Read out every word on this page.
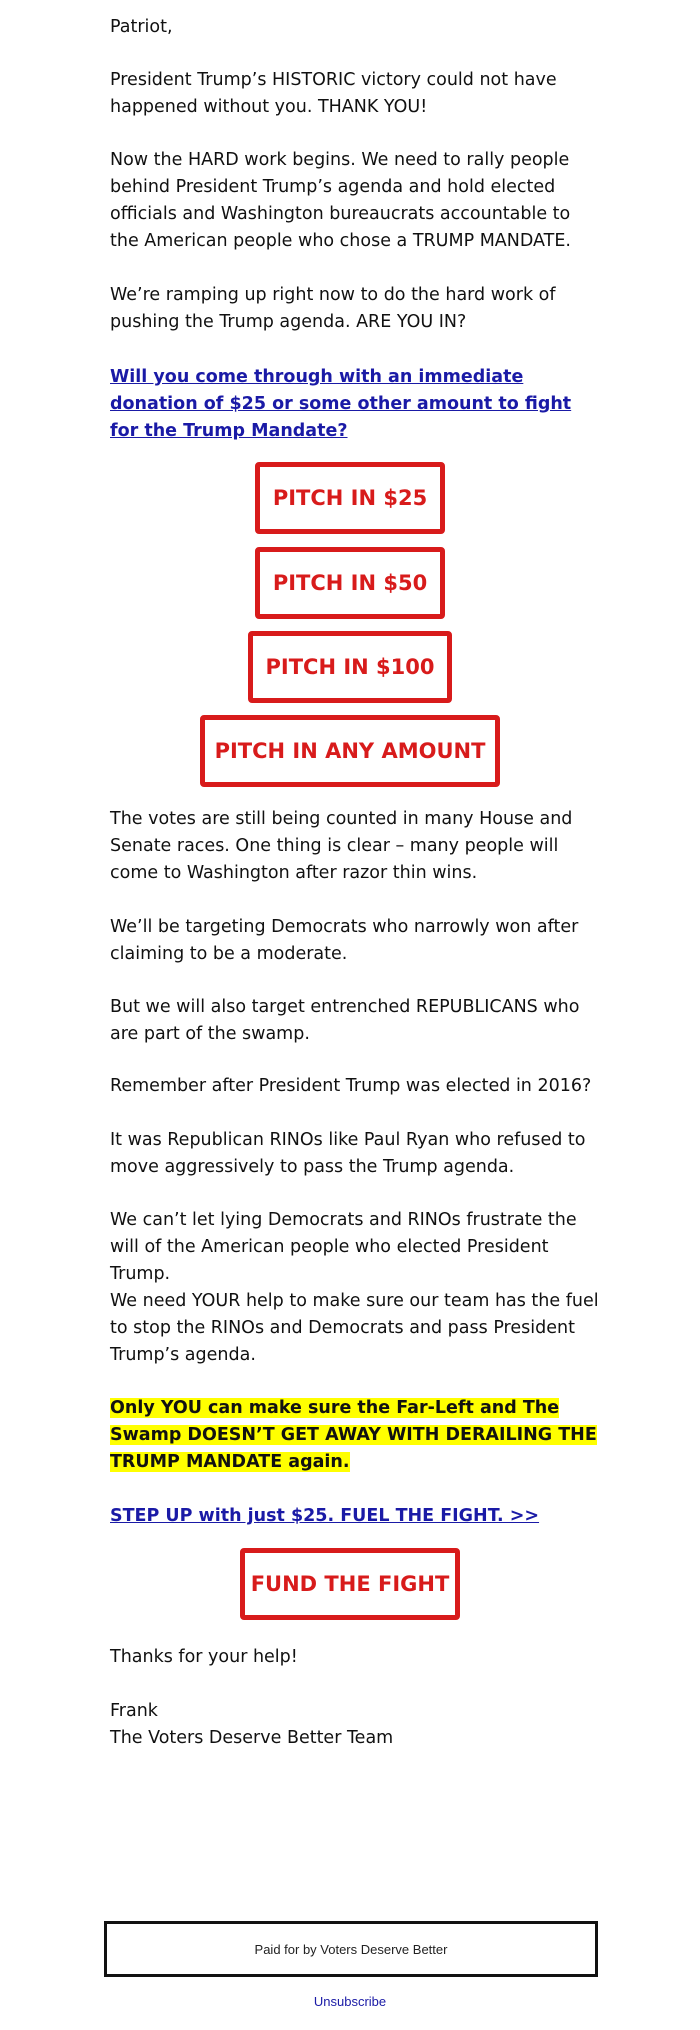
Patriot,

President Trump’s HISTORIC victory could not have happened without you. THANK YOU!

Now the HARD work begins. We need to rally people behind President Trump’s agenda and hold elected officials and Washington bureaucrats accountable to the American people who chose a TRUMP MANDATE.

We’re ramping up right now to do the hard work of pushing the Trump agenda. ARE YOU IN?

Will you come through with an immediate donation of $25 or some other amount to fight for the Trump Mandate?

The votes are still being counted in many House and Senate races. One thing is clear – many people will come to Washington after razor thin wins.

We’ll be targeting Democrats who narrowly won after claiming to be a moderate.

But we will also target entrenched REPUBLICANS who are part of the swamp.

Remember after President Trump was elected in 2016?

It was Republican RINOs like Paul Ryan who refused to move aggressively to pass the Trump agenda.

We can’t let lying Democrats and RINOs frustrate the will of the American people who elected President Trump.

We need YOUR help to make sure our team has the fuel to stop the RINOs and Democrats and pass President Trump’s agenda.

Only YOU can make sure the Far-Left and The Swamp DOESN’T GET AWAY WITH DERAILING THE TRUMP MANDATE again.

STEP UP with just $25. FUEL THE FIGHT. >>

Thanks for your help!

Frank

The Voters Deserve Better Team

PITCH IN $25
PITCH IN $50
PITCH IN $100
PITCH IN ANY AMOUNT
FUND THE FIGHT
Paid for by Voters Deserve Better
Unsubscribe
